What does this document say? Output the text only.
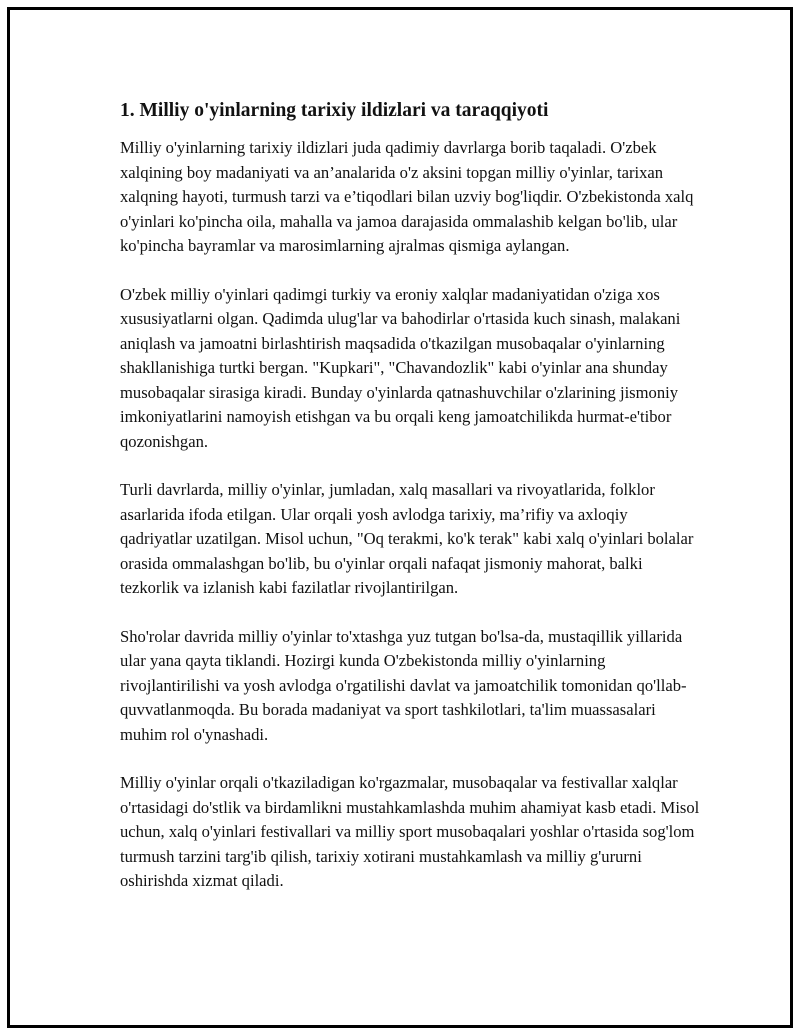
1. Milliy o'yinlarning tarixiy ildizlari va taraqqiyoti

Milliy o'yinlarning tarixiy ildizlari juda qadimiy davrlarga borib taqaladi. O'zbek xalqining boy madaniyati va an’analarida o'z aksini topgan milliy o'yinlar, tarixan xalqning hayoti, turmush tarzi va e’tiqodlari bilan uzviy bog'liqdir. O'zbekistonda xalq o'yinlari ko'pincha oila, mahalla va jamoa darajasida ommalashib kelgan bo'lib, ular ko'pincha bayramlar va marosimlarning ajralmas qismiga aylangan.

O'zbek milliy o'yinlari qadimgi turkiy va eroniy xalqlar madaniyatidan o'ziga xos xususiyatlarni olgan. Qadimda ulug'lar va bahodirlar o'rtasida kuch sinash, malakani aniqlash va jamoatni birlashtirish maqsadida o'tkazilgan musobaqalar o'yinlarning shakllanishiga turtki bergan. "Kupkari", "Chavandozlik" kabi o'yinlar ana shunday musobaqalar sirasiga kiradi. Bunday o'yinlarda qatnashuvchilar o'zlarining jismoniy imkoniyatlarini namoyish etishgan va bu orqali keng jamoatchilikda hurmat-e'tibor qozonishgan.

Turli davrlarda, milliy o'yinlar, jumladan, xalq masallari va rivoyatlarida, folklor asarlarida ifoda etilgan. Ular orqali yosh avlodga tarixiy, ma’rifiy va axloqiy qadriyatlar uzatilgan. Misol uchun, "Oq terakmi, ko'k terak" kabi xalq o'yinlari bolalar orasida ommalashgan bo'lib, bu o'yinlar orqali nafaqat jismoniy mahorat, balki tezkorlik va izlanish kabi fazilatlar rivojlantirilgan.

Sho'rolar davrida milliy o'yinlar to'xtashga yuz tutgan bo'lsa-da, mustaqillik yillarida ular yana qayta tiklandi. Hozirgi kunda O'zbekistonda milliy o'yinlarning rivojlantirilishi va yosh avlodga o'rgatilishi davlat va jamoatchilik tomonidan qo'llab-quvvatlanmoqda. Bu borada madaniyat va sport tashkilotlari, ta'lim muassasalari muhim rol o'ynashadi.

Milliy o'yinlar orqali o'tkaziladigan ko'rgazmalar, musobaqalar va festivallar xalqlar o'rtasidagi do'stlik va birdamlikni mustahkamlashda muhim ahamiyat kasb etadi. Misol uchun, xalq o'yinlari festivallari va milliy sport musobaqalari yoshlar o'rtasida sog'lom turmush tarzini targ'ib qilish, tarixiy xotirani mustahkamlash va milliy g'ururni oshirishda xizmat qiladi.
